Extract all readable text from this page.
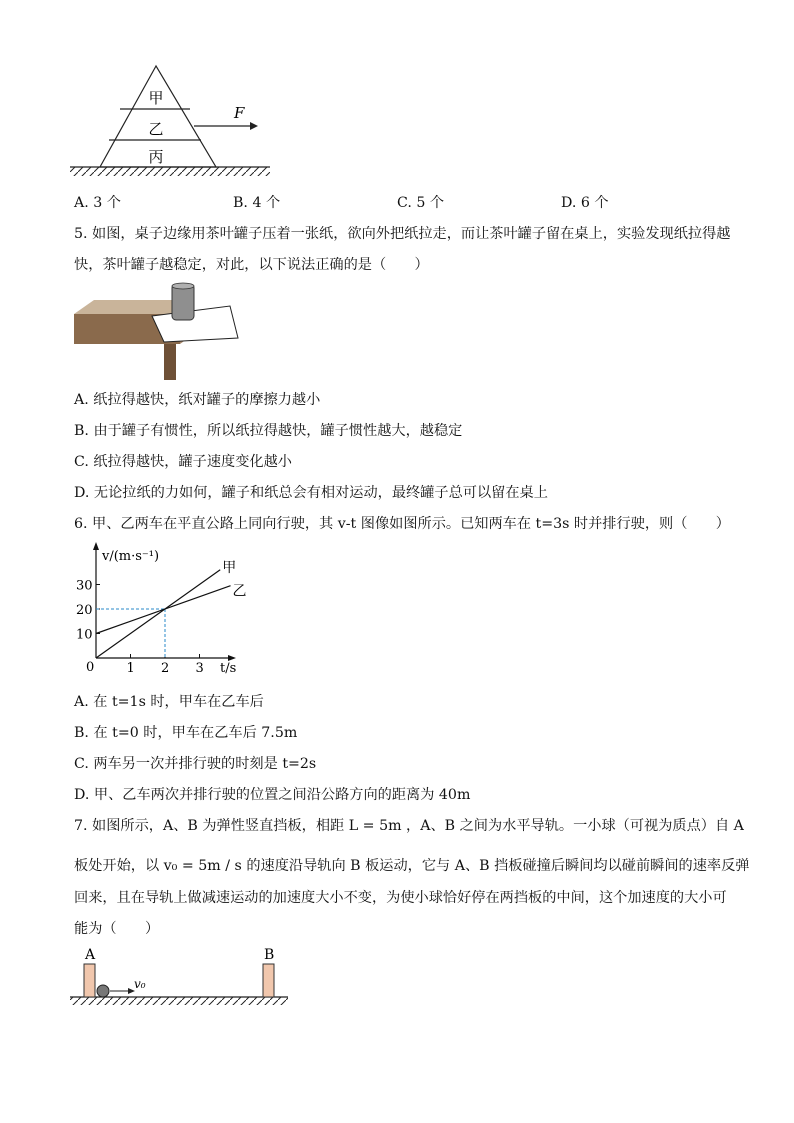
甲
乙
丙
F
A. 3 个	B. 4 个	C. 5 个	D. 6 个
5. 如图，桌子边缘用茶叶罐子压着一张纸，欲向外把纸拉走，而让茶叶罐子留在桌上，实验发现纸拉得越
快，茶叶罐子越稳定，对此，以下说法正确的是（　　）
A. 纸拉得越快，纸对罐子的摩擦力越小
B. 由于罐子有惯性，所以纸拉得越快，罐子惯性越大，越稳定
C. 纸拉得越快，罐子速度变化越小
D. 无论拉纸的力如何，罐子和纸总会有相对运动，最终罐子总可以留在桌上
6. 甲、乙两车在平直公路上同向行驶，其 v-t 图像如图所示。已知两车在 t=3s 时并排行驶，则（　　）
v/(m·s⁻¹)
t/s
0
10
20
30
1 2 3
甲
乙
A. 在 t=1s 时，甲车在乙车后
B. 在 t=0 时，甲车在乙车后 7.5m
C. 两车另一次并排行驶的时刻是 t=2s
D. 甲、乙车两次并排行驶的位置之间沿公路方向的距离为 40m
7. 如图所示，A、B 为弹性竖直挡板，相距 L = 5m ，A、B 之间为水平导轨。一小球（可视为质点）自 A
板处开始，以 v₀ = 5m / s 的速度沿导轨向 B 板运动，它与 A、B 挡板碰撞后瞬间均以碰前瞬间的速率反弹
回来，且在导轨上做减速运动的加速度大小不变，为使小球恰好停在两挡板的中间，这个加速度的大小可
能为（　　）
A	B
v₀
